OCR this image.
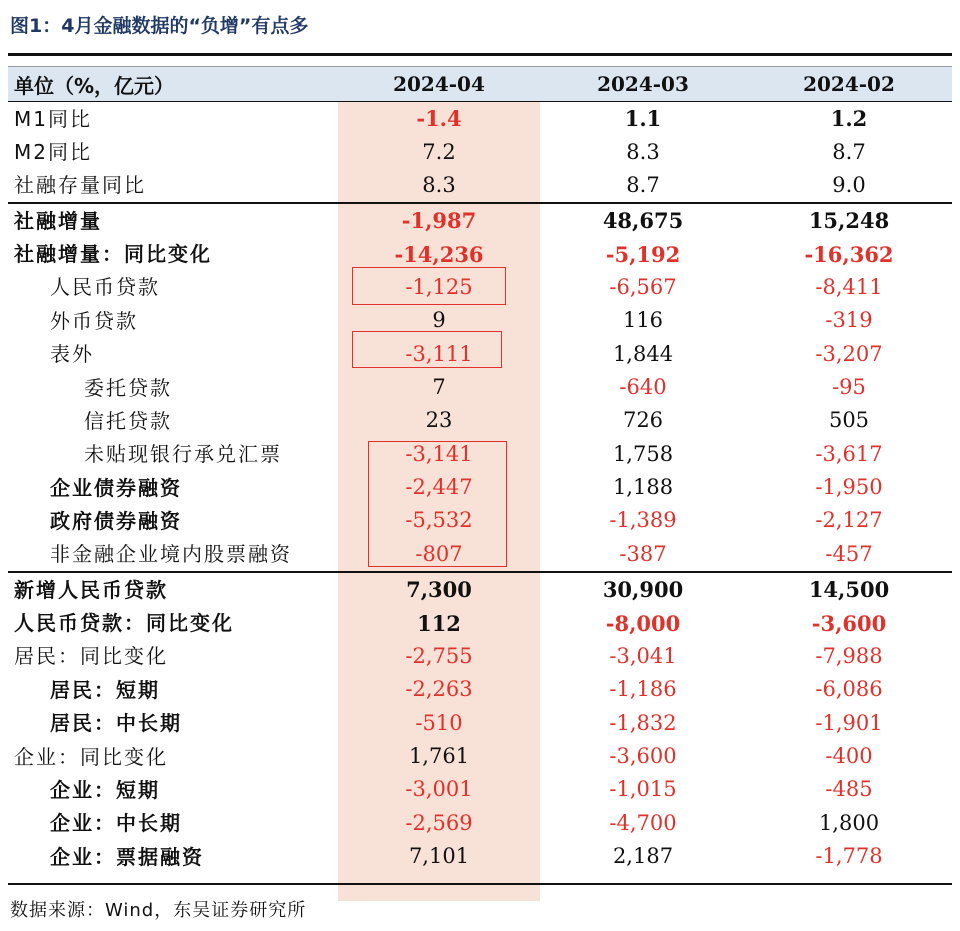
图1：4月金融数据的“负增”有点多
单位（%，亿元）	2024-04	2024-03	2024-02
M1同比	-1.4	1.1	1.2
M2同比	7.2	8.3	8.7
社融存量同比	8.3	8.7	9.0
社融增量	-1,987	48,675	15,248
社融增量：同比变化	-14,236	-5,192	-16,362
人民币贷款	-1,125	-6,567	-8,411
外币贷款	9	116	-319
表外	-3,111	1,844	-3,207
委托贷款	7	-640	-95
信托贷款	23	726	505
未贴现银行承兑汇票	-3,141	1,758	-3,617
企业债券融资	-2,447	1,188	-1,950
政府债券融资	-5,532	-1,389	-2,127
非金融企业境内股票融资	-807	-387	-457
新增人民币贷款	7,300	30,900	14,500
人民币贷款：同比变化	112	-8,000	-3,600
居民：同比变化	-2,755	-3,041	-7,988
居民：短期	-2,263	-1,186	-6,086
居民：中长期	-510	-1,832	-1,901
企业：同比变化	1,761	-3,600	-400
企业：短期	-3,001	-1,015	-485
企业：中长期	-2,569	-4,700	1,800
企业：票据融资	7,101	2,187	-1,778
数据来源：Wind，东吴证券研究所
